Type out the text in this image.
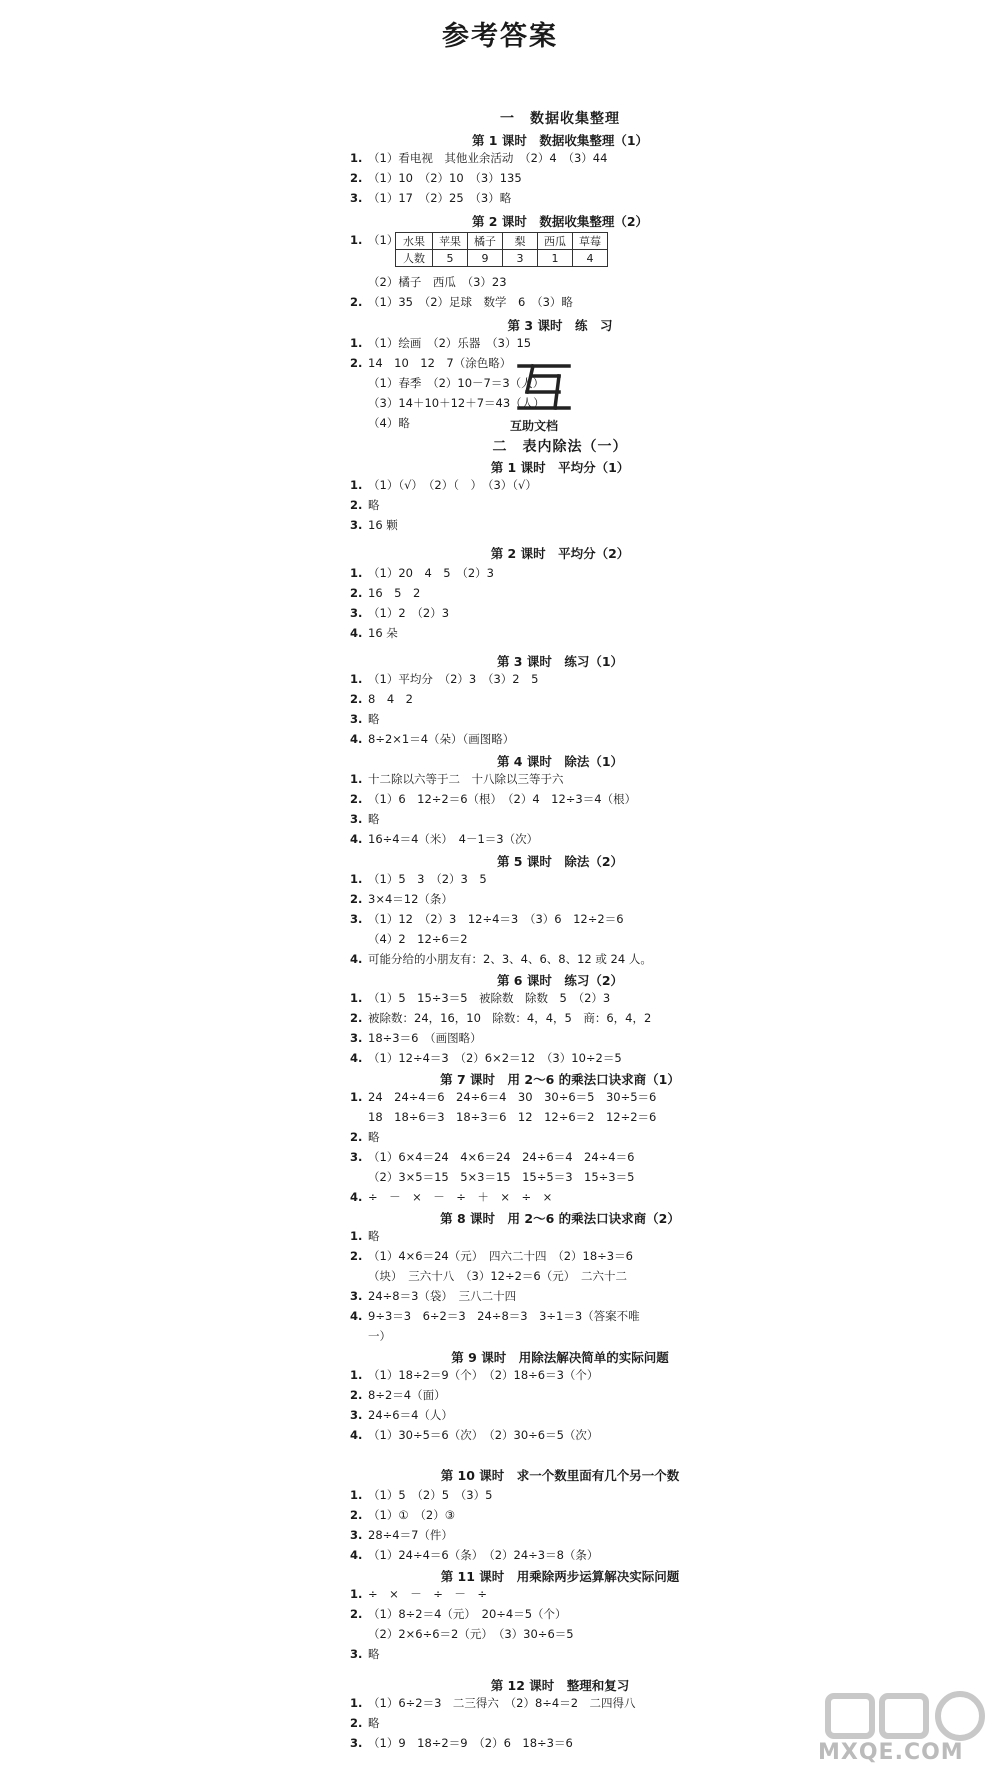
参考答案
一　数据收集整理
第 1 课时　数据收集整理（1）
1. （1）看电视　其他业余活动　（2）4　（3）44
2. （1）10　（2）10　（3）135
3. （1）17　（2）25　（3）略
第 2 课时　数据收集整理（2）
1. （1）
（2）橘子　西瓜　（3）23
2. （1）35　（2）足球　数学　6　（3）略
第 3 课时　练　习
1. （1）绘画　（2）乐器　（3）15
2. 14　10　12　7（涂色略）
（1）春季　（2）10－7＝3（人）
（3）14＋10＋12＋7＝43（人）
（4）略
二　表内除法（一）
第 1 课时　平均分（1）
1. （1）（√）　（2）（　）　（3）（√）
2. 略
3. 16 颗
第 2 课时　平均分（2）
1. （1）20　4　5　（2）3
2. 16　5　2
3. （1）2　（2）3
4. 16 朵
第 3 课时　练习（1）
1. （1）平均分　（2）3　（3）2　5
2. 8　4　2
3. 略
4. 8÷2×1＝4（朵）（画图略）
第 4 课时　除法（1）
1. 十二除以六等于二　十八除以三等于六
2. （1）6　12÷2＝6（根）　（2）4　12÷3＝4（根）
3. 略
4. 16÷4＝4（米）　4－1＝3（次）
第 5 课时　除法（2）
1. （1）5　3　（2）3　5
2. 3×4＝12（条）
3. （1）12　（2）3　12÷4＝3　（3）6　12÷2＝6
（4）2　12÷6＝2
4. 可能分给的小朋友有：2、3、4、6、8、12 或 24 人。
第 6 课时　练习（2）
1. （1）5　15÷3＝5　被除数　除数　5　（2）3
2. 被除数：24，16，10　除数：4，4，5　商：6，4，2
3. 18÷3＝6　（画图略）
4. （1）12÷4＝3　（2）6×2＝12　（3）10÷2＝5
第 7 课时　用 2～6 的乘法口诀求商（1）
1. 24　24÷4＝6　24÷6＝4　30　30÷6＝5　30÷5＝6
18　18÷6＝3　18÷3＝6　12　12÷6＝2　12÷2＝6
2. 略
3. （1）6×4＝24　4×6＝24　24÷6＝4　24÷4＝6
（2）3×5＝15　5×3＝15　15÷5＝3　15÷3＝5
4. ÷　－　×　－　÷　＋　×　÷　×
第 8 课时　用 2～6 的乘法口诀求商（2）
1. 略
2. （1）4×6＝24（元）　四六二十四　（2）18÷3＝6
（块）　三六十八　（3）12÷2＝6（元）　二六十二
3. 24÷8＝3（袋）　三八二十四
4. 9÷3＝3　6÷2＝3　24÷8＝3　3÷1＝3（答案不唯
一）
第 9 课时　用除法解决简单的实际问题
1. （1）18÷2＝9（个）　（2）18÷6＝3（个）
2. 8÷2＝4（面）
3. 24÷6＝4（人）
4. （1）30÷5＝6（次）　（2）30÷6＝5（次）
第 10 课时　求一个数里面有几个另一个数
1. （1）5　（2）5　（3）5
2. （1）①　（2）③
3. 28÷4＝7（件）
4. （1）24÷4＝6（条）　（2）24÷3＝8（条）
第 11 课时　用乘除两步运算解决实际问题
1. ÷　×　－　÷　－　÷
2. （1）8÷2＝4（元）　20÷4＝5（个）
（2）2×6÷6＝2（元）　（3）30÷6＝5
3. 略
第 12 课时　整理和复习
1. （1）6÷2＝3　二三得六　（2）8÷4＝2　二四得八
2. 略
3. （1）9　18÷2＝9　（2）6　18÷3＝6
水果	苹果	橘子	梨	西瓜	草莓
人数	5	9	3	1	4
互助文档
MXQE.COM
